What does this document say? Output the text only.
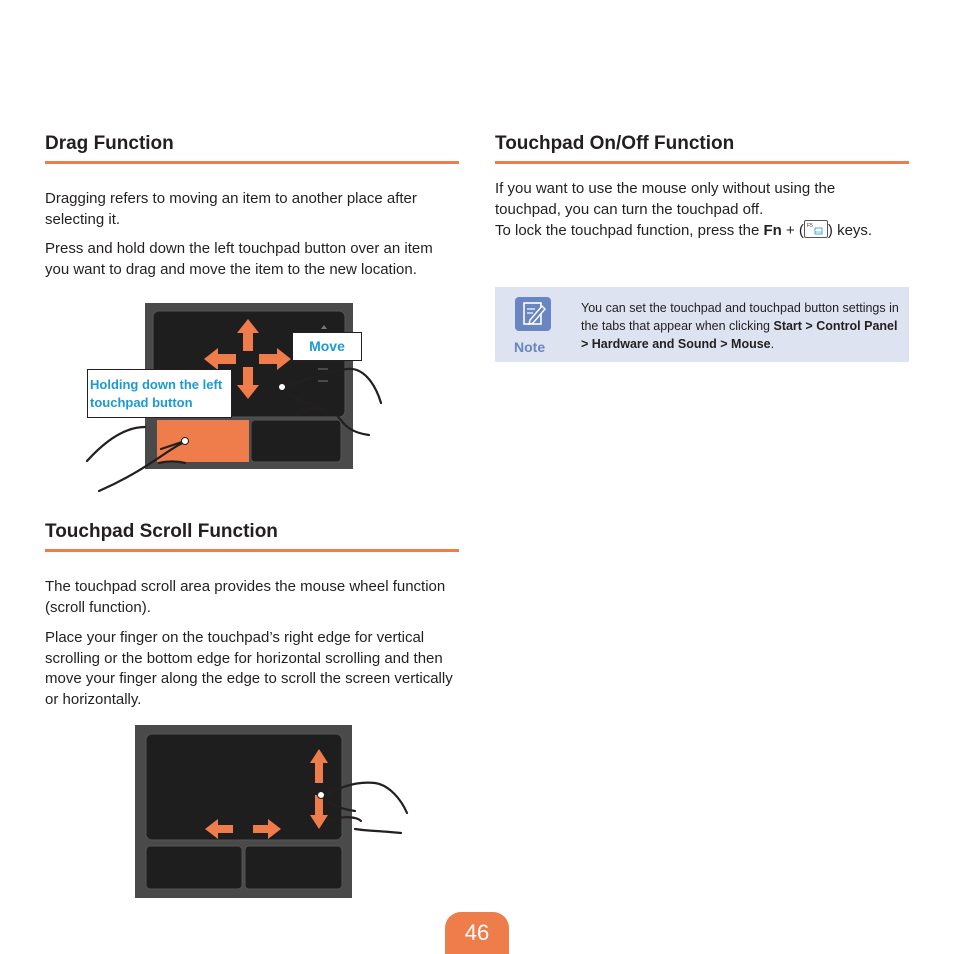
Drag Function

Dragging refers to moving an item to another place after selecting it.

Press and hold down the left touchpad button over an item you want to drag and move the item to the new location.

Move
Holding down the left
touchpad button
Touchpad Scroll Function

The touchpad scroll area provides the mouse wheel function (scroll function).

Place your finger on the touchpad’s right edge for vertical scrolling or the bottom edge for horizontal scrolling and then move your finger along the edge to scroll the screen vertically or horizontally.

Touchpad On/Off Function

If you want to use the mouse only without using the touchpad, you can turn the touchpad off.

To lock the touchpad function, press the Fn + ( F5 ) keys.

Note
You can set the touchpad and touchpad button settings in the tabs that appear when clicking Start > Control Panel > Hardware and Sound > Mouse.
46
